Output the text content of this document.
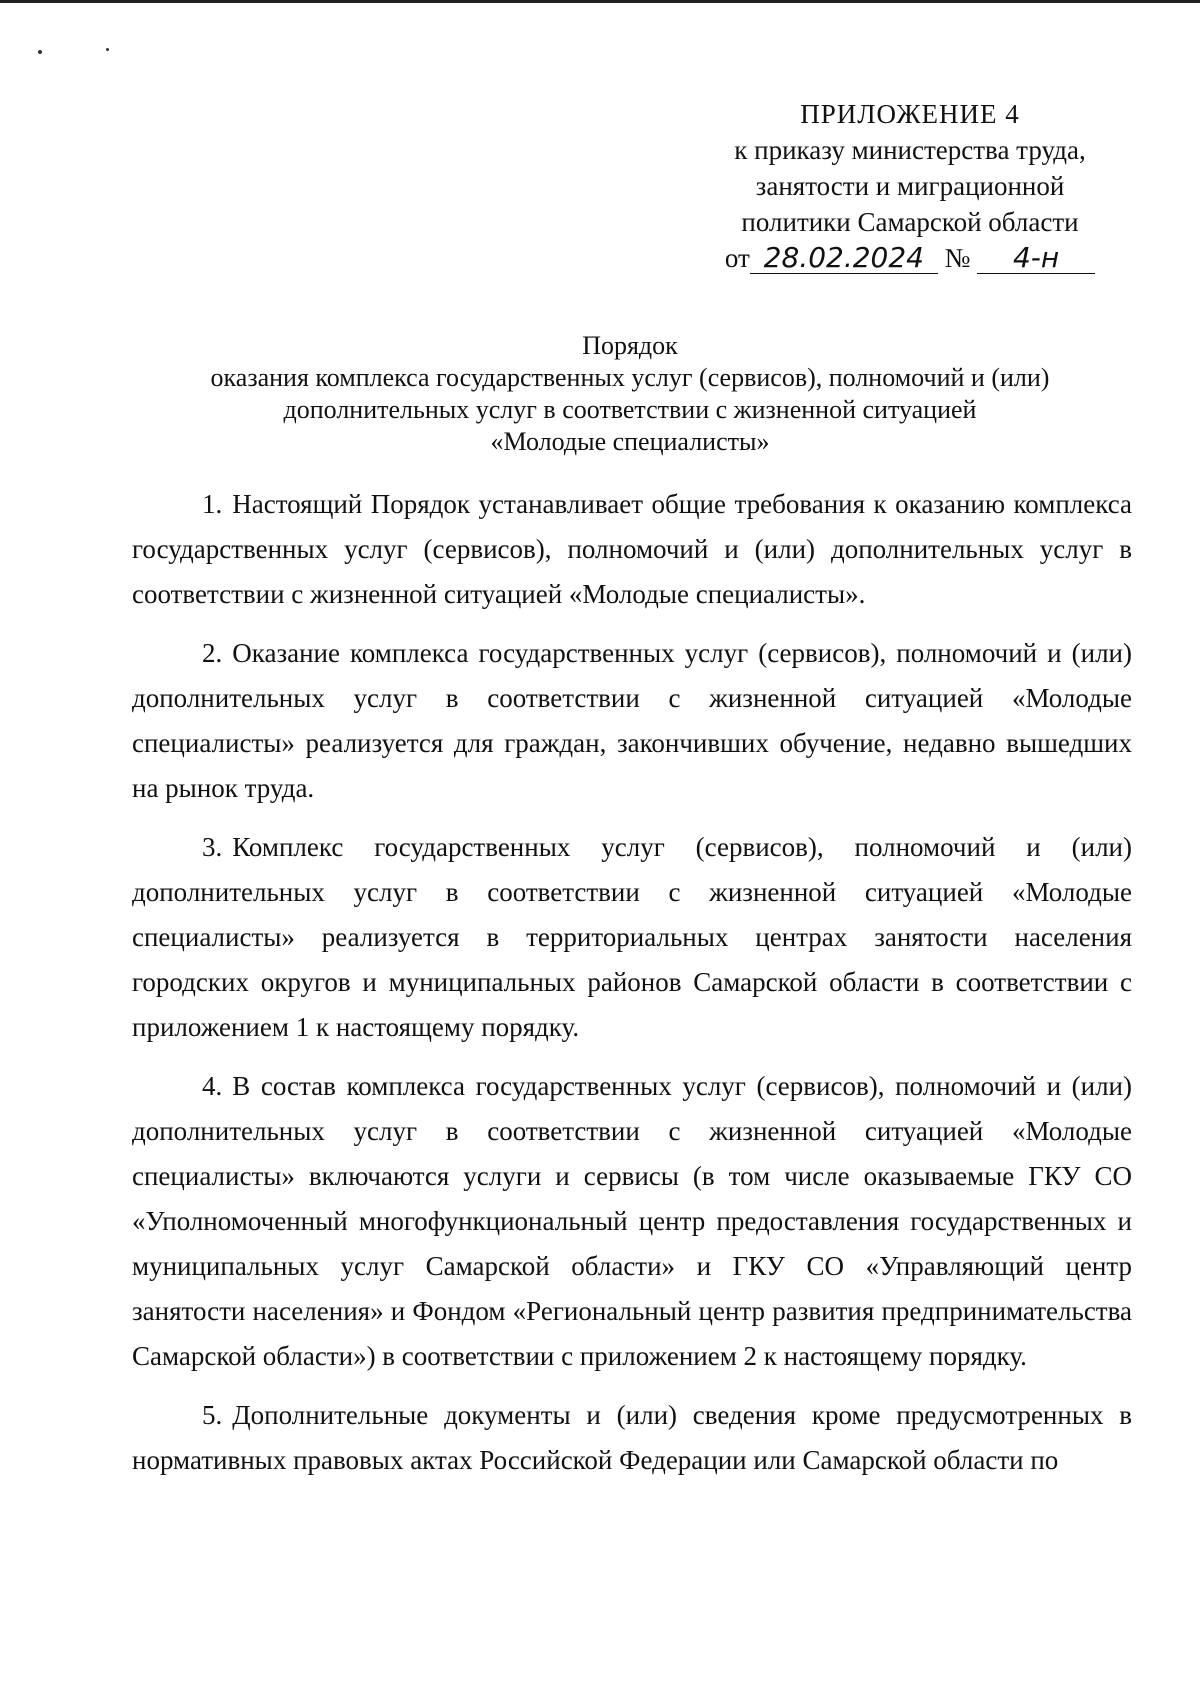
ПРИЛОЖЕНИЕ 4
к приказу министерства труда,
занятости и миграционной
политики Самарской области
от 28.02.2024 № 4-н
Порядок
оказания комплекса государственных услуг (сервисов), полномочий и (или)
дополнительных услуг в соответствии с жизненной ситуацией
«Молодые специалисты»

1. Настоящий Порядок устанавливает общие требования к оказанию комплекса государственных услуг (сервисов), полномочий и (или) дополнительных услуг в соответствии с жизненной ситуацией «Молодые специалисты».

2. Оказание комплекса государственных услуг (сервисов), полномочий и (или) дополнительных услуг в соответствии с жизненной ситуацией «Молодые специалисты» реализуется для граждан, закончивших обучение, недавно вышедших на рынок труда.

3. Комплекс государственных услуг (сервисов), полномочий и (или) дополнительных услуг в соответствии с жизненной ситуацией «Молодые специалисты» реализуется в территориальных центрах занятости населения городских округов и муниципальных районов Самарской области в соответствии с приложением 1 к настоящему порядку.

4. В состав комплекса государственных услуг (сервисов), полномочий и (или) дополнительных услуг в соответствии с жизненной ситуацией «Молодые специалисты» включаются услуги и сервисы (в том числе оказываемые ГКУ СО «Уполномоченный многофункциональный центр предоставления государственных и муниципальных услуг Самарской области» и ГКУ СО «Управляющий центр занятости населения» и Фондом «Региональный центр развития предпринимательства Самарской области») в соответствии с приложением 2 к настоящему порядку.

5. Дополнительные документы и (или) сведения кроме предусмотренных в нормативных правовых актах Российской Федерации или Самарской области по
